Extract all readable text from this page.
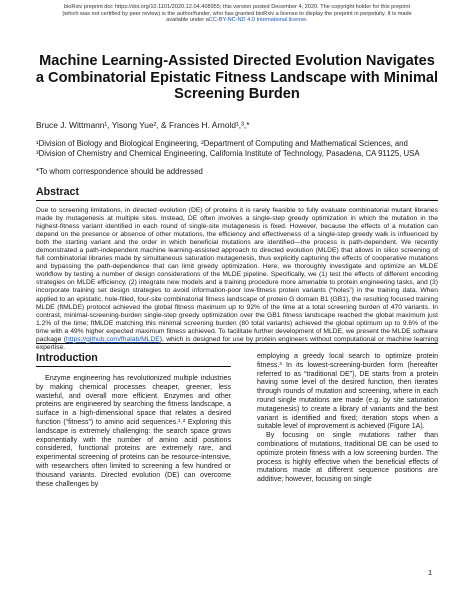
bioRxiv preprint doi: https://doi.org/10.1101/2020.12.04.408955; this version posted December 4, 2020. The copyright holder for this preprint
(which was not certified by peer review) is the author/funder, who has granted bioRxiv a license to display the preprint in perpetuity. It is made
available under aCC-BY-NC-ND 4.0 International license.
Machine Learning-Assisted Directed Evolution Navigates a Combinatorial Epistatic Fitness Landscape with Minimal Screening Burden
Bruce J. Wittmann¹, Yisong Yue², & Frances H. Arnold¹,³,*
¹Division of Biology and Biological Engineering, ²Department of Computing and Mathematical Sciences, and
³Division of Chemistry and Chemical Engineering, California Institute of Technology, Pasadena, CA 91125, USA
*To whom correspondence should be addressed
Abstract
Due to screening limitations, in directed evolution (DE) of proteins it is rarely feasible to fully evaluate combinatorial mutant libraries made by mutagenesis at multiple sites. Instead, DE often involves a single-step greedy optimization in which the mutation in the highest-fitness variant identified in each round of single-site mutagenesis is fixed. However, because the effects of a mutation can depend on the presence or absence of other mutations, the efficiency and effectiveness of a single-step greedy walk is influenced by both the starting variant and the order in which beneficial mutations are identified—the process is path-dependent. We recently demonstrated a path-independent machine learning-assisted approach to directed evolution (MLDE) that allows in silico screening of full combinatorial libraries made by simultaneous saturation mutagenesis, thus explicitly capturing the effects of cooperative mutations and bypassing the path-dependence that can limit greedy optimization. Here, we thoroughly investigate and optimize an MLDE workflow by testing a number of design considerations of the MLDE pipeline. Specifically, we (1) test the effects of different encoding strategies on MLDE efficiency, (2) integrate new models and a training procedure more amenable to protein engineering tasks, and (3) incorporate training set design strategies to avoid information-poor low-fitness protein variants (“holes”) in the training data. When applied to an epistatic, hole-filled, four-site combinatorial fitness landscape of protein G domain B1 (GB1), the resulting focused training MLDE (ftMLDE) protocol achieved the global fitness maximum up to 92% of the time at a total screening burden of 470 variants. In contrast, minimal-screening-burden single-step greedy optimization over the GB1 fitness landscape reached the global maximum just 1.2% of the time; ftMLDE matching this minimal screening burden (80 total variants) achieved the global optimum up to 9.6% of the time with a 49% higher expected maximum fitness achieved. To facilitate further development of MLDE, we present the MLDE software package (https://github.com/fhalab/MLDE), which is designed for use by protein engineers without computational or machine learning expertise.
Introduction
Enzyme engineering has revolutionized multiple industries by making chemical processes cheaper, greener, less wasteful, and overall more efficient. Enzymes and other proteins are engineered by searching the fitness landscape, a surface in a high-dimensional space that relates a desired function (“fitness”) to amino acid sequences.¹˒² Exploring this landscape is extremely challenging: the search space grows exponentially with the number of amino acid positions considered, functional proteins are extremely rare, and experimental screening of proteins can be resource-intensive, with researchers often limited to screening a few hundred or thousand variants. Directed evolution (DE) can overcome these challenges by

employing a greedy local search to optimize protein fitness.³ In its lowest-screening-burden form (hereafter referred to as “traditional DE”), DE starts from a protein having some level of the desired function, then iterates through rounds of mutation and screening, where in each round single mutations are made (e.g. by site saturation mutagenesis) to create a library of variants and the best variant is identified and fixed; iteration stops when a suitable level of improvement is achieved (Figure 1A).

By focusing on single mutations rather than combinations of mutations, traditional DE can be used to optimize protein fitness with a low screening burden. The process is highly effective when the beneficial effects of mutations made at different sequence positions are additive; however, focusing on single

1
